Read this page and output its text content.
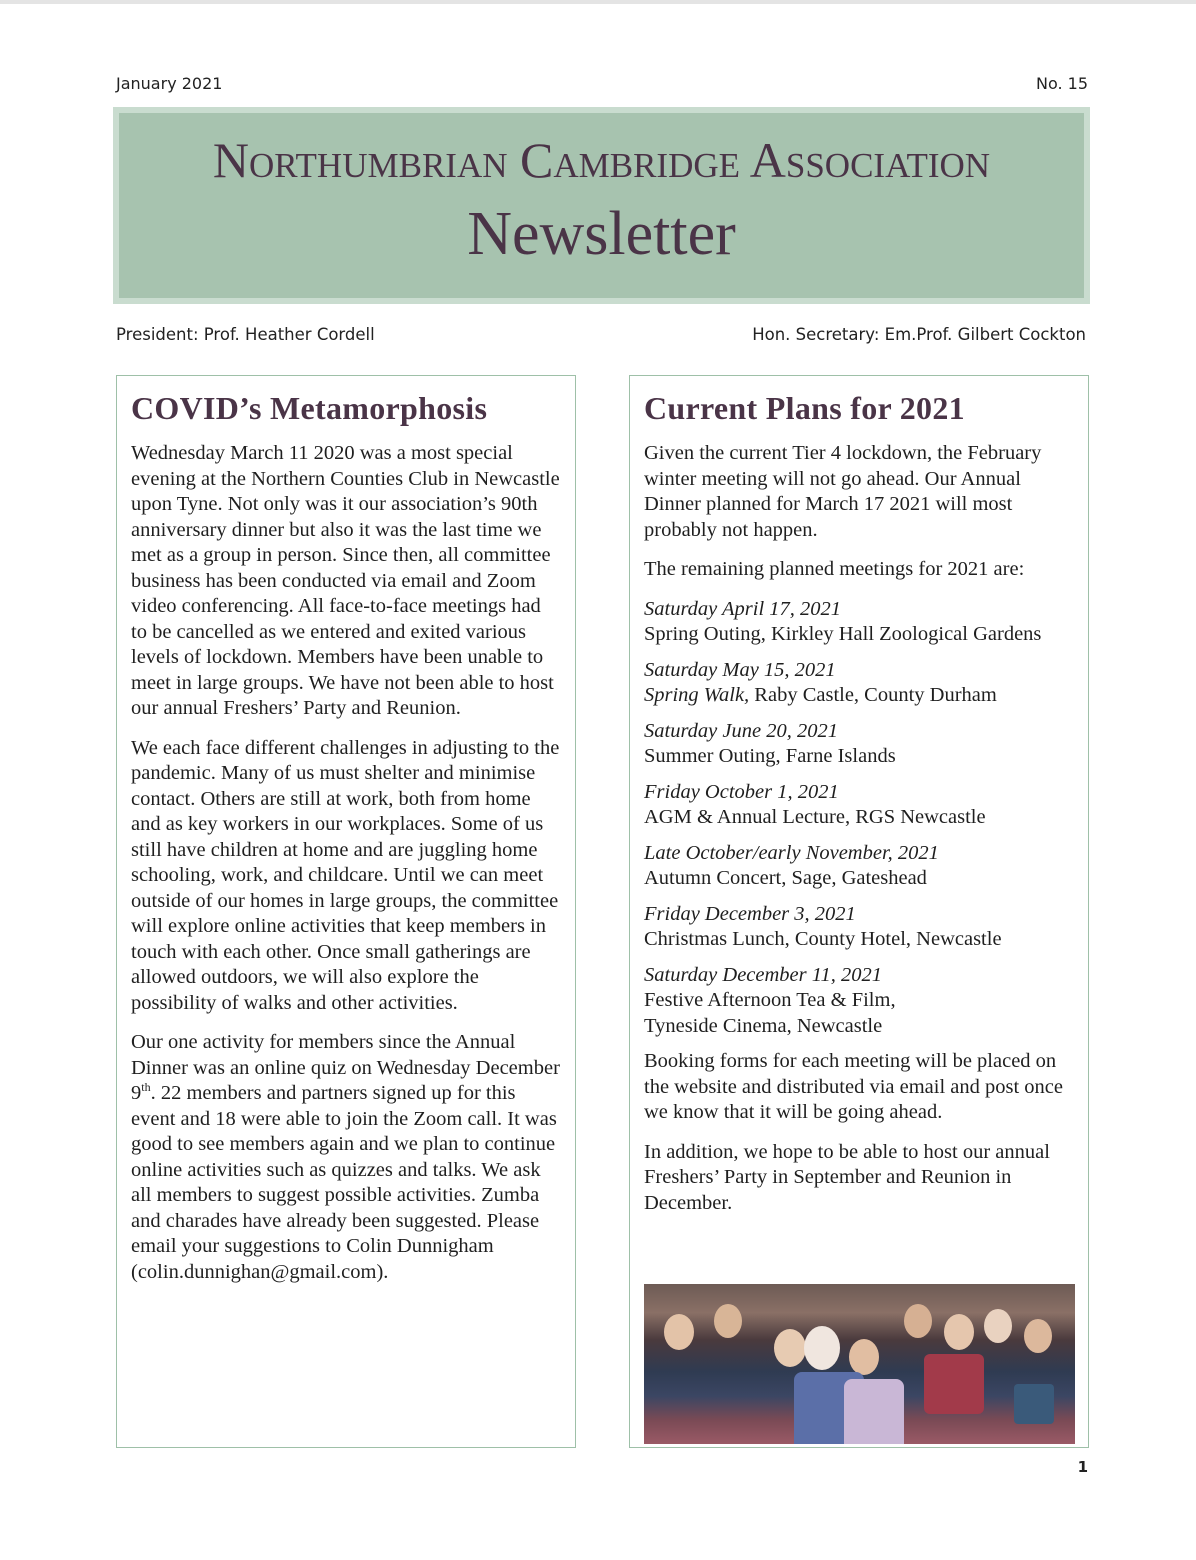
January 2021	No. 15
Northumbrian Cambridge Association
Newsletter
President: Prof. Heather Cordell	Hon. Secretary: Em.Prof. Gilbert Cockton
COVID’s Metamorphosis

Wednesday March 11 2020 was a most special evening at the Northern Counties Club in Newcastle upon Tyne. Not only was it our association’s 90th anniversary dinner but also it was the last time we met as a group in person. Since then, all committee business has been conducted via email and Zoom video conferencing. All face-to-face meetings had to be cancelled as we entered and exited various levels of lockdown. Members have been unable to meet in large groups. We have not been able to host our annual Freshers’ Party and Reunion.

We each face different challenges in adjusting to the pandemic. Many of us must shelter and minimise contact. Others are still at work, both from home and as key workers in our workplaces. Some of us still have children at home and are juggling home schooling, work, and childcare. Until we can meet outside of our homes in large groups, the committee will explore online activities that keep members in touch with each other. Once small gatherings are allowed outdoors, we will also explore the possibility of walks and other activities.

Our one activity for members since the Annual Dinner was an online quiz on Wednesday December 9th. 22 members and partners signed up for this event and 18 were able to join the Zoom call. It was good to see members again and we plan to continue online activities such as quizzes and talks. We ask all members to suggest possible activities. Zumba and charades have already been suggested. Please email your suggestions to Colin Dunnigham (colin.dunnighan@gmail.com).

Current Plans for 2021

Given the current Tier 4 lockdown, the February winter meeting will not go ahead. Our Annual Dinner planned for March 17 2021 will most probably not happen.

The remaining planned meetings for 2021 are:

Saturday April 17, 2021
Spring Outing, Kirkley Hall Zoological Gardens
Saturday May 15, 2021
Spring Walk, Raby Castle, County Durham
Saturday June 20, 2021
Summer Outing, Farne Islands
Friday October 1, 2021
AGM & Annual Lecture, RGS Newcastle
Late October/early November, 2021
Autumn Concert, Sage, Gateshead
Friday December 3, 2021
Christmas Lunch, County Hotel, Newcastle
Saturday December 11, 2021
Festive Afternoon Tea & Film,
Tyneside Cinema, Newcastle

Booking forms for each meeting will be placed on the website and distributed via email and post once we know that it will be going ahead.

In addition, we hope to be able to host our annual Freshers’ Party in September and Reunion in December.

1
